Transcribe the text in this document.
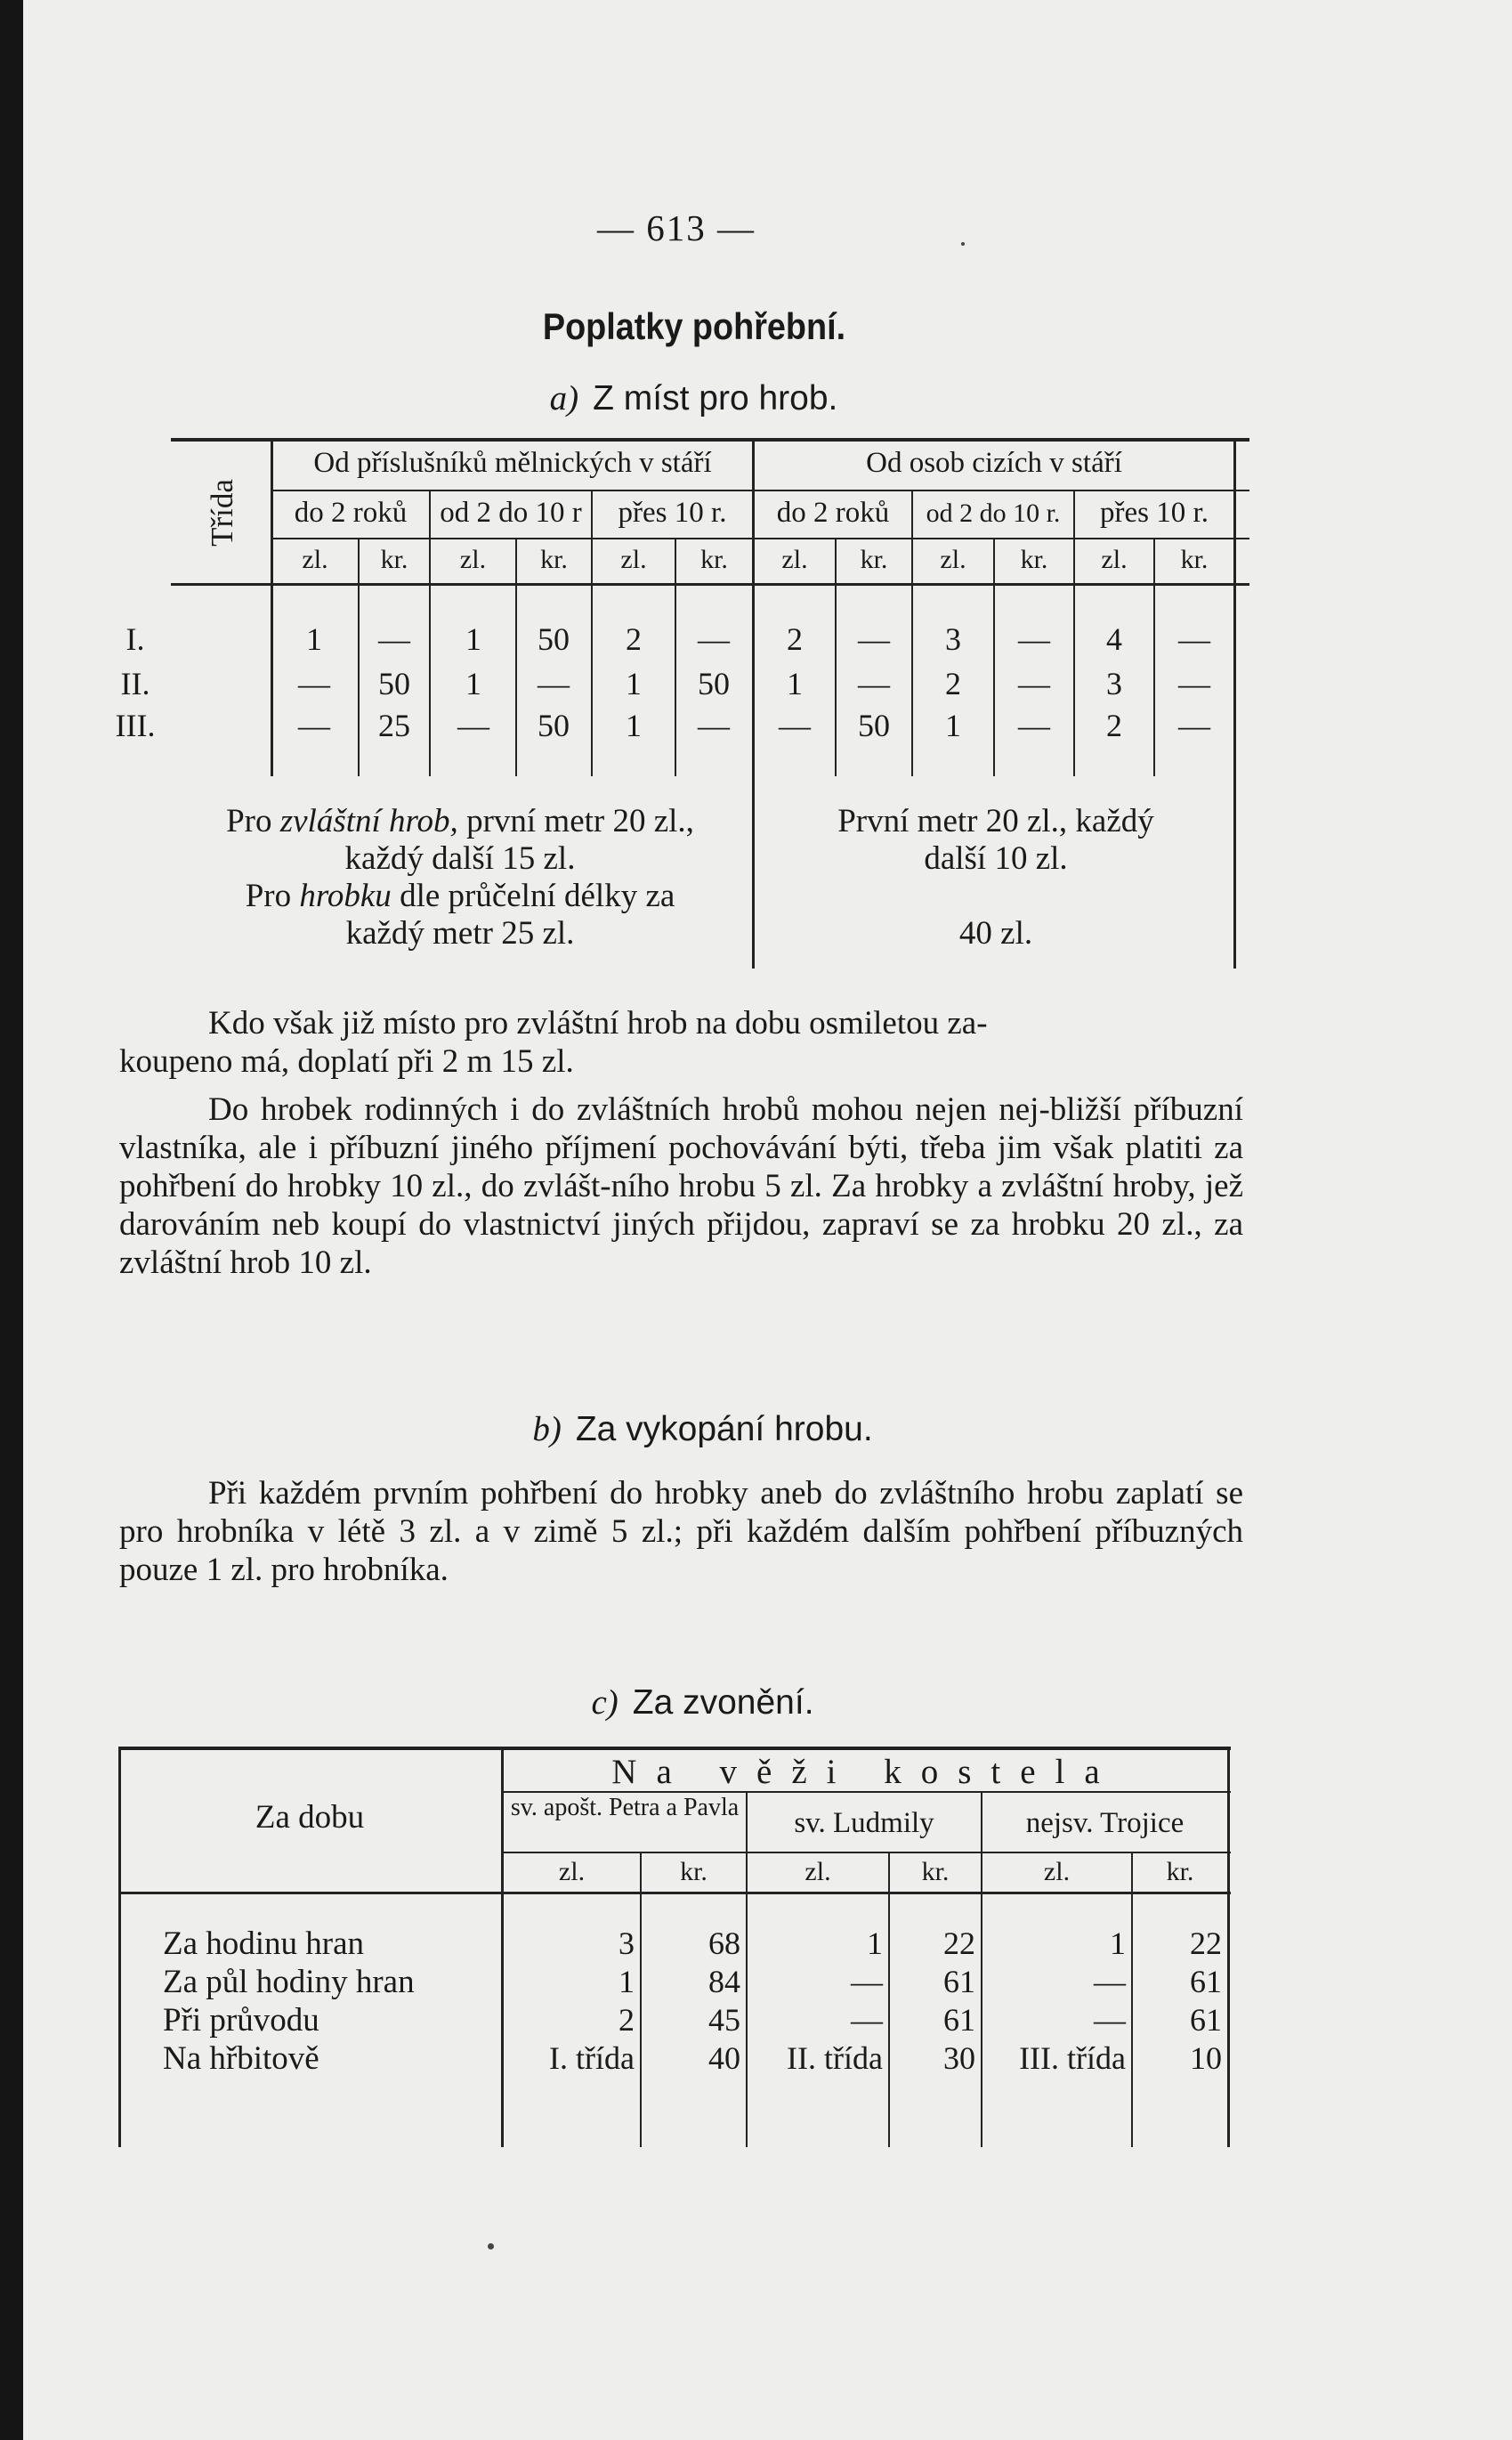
— 613 —
Poplatky pohřební.
a) Z míst pro hrob.
Třída
Od příslušníků mělnických v stáří	Od osob cizích v stáří
do 2 roků	od 2 do 10 r	přes 10 r.	do 2 roků	od 2 do 10 r.	přes 10 r.
zl.	kr.	zl.	kr.	zl.	kr.	zl.	kr.	zl.	kr.	zl.	kr.
I.	1	—	1	50	2	—	2	—	3	—	4	—
II.	—	50	1	—	1	50	1	—	2	—	3	—
III.	—	25	—	50	1	—	—	50	1	—	2	—
Pro zvláštní hrob, první metr 20 zl.,
každý další 15 zl.
Pro hrobku dle průčelní délky za
každý metr 25 zl.
První metr 20 zl., každý
další 10 zl.

40 zl.

Kdo však již místo pro zvláštní hrob na dobu osmiletou za-
koupeno má, doplatí při 2 m 15 zl.

Do hrobek rodinných i do zvláštních hrobů mohou nejen nej-bližší příbuzní vlastníka, ale i příbuzní jiného příjmení pochovávání býti, třeba jim však platiti za pohřbení do hrobky 10 zl., do zvlášt-ního hrobu 5 zl. Za hrobky a zvláštní hroby, jež darováním neb koupí do vlastnictví jiných přijdou, zapraví se za hrobku 20 zl., za zvláštní hrob 10 zl.

b) Za vykopání hrobu.

Při každém prvním pohřbení do hrobky aneb do zvláštního hrobu zaplatí se pro hrobníka v létě 3 zl. a v zimě 5 zl.; při každém dalším pohřbení příbuzných pouze 1 zl. pro hrobníka.

c) Za zvonění.
Za dobu
Na věži kostela
sv. apošt. Petra a Pavla	sv. Ludmily	nejsv. Trojice
zl.	kr.	zl.	kr.	zl.	kr.
Za hodinu hran	3	68	1	22	1	22
Za půl hodiny hran	1	84	—	61	—	61
Při průvodu	2	45	—	61	—	61
Na hřbitově	I. třída	40	II. třída	30	III. třída	10
